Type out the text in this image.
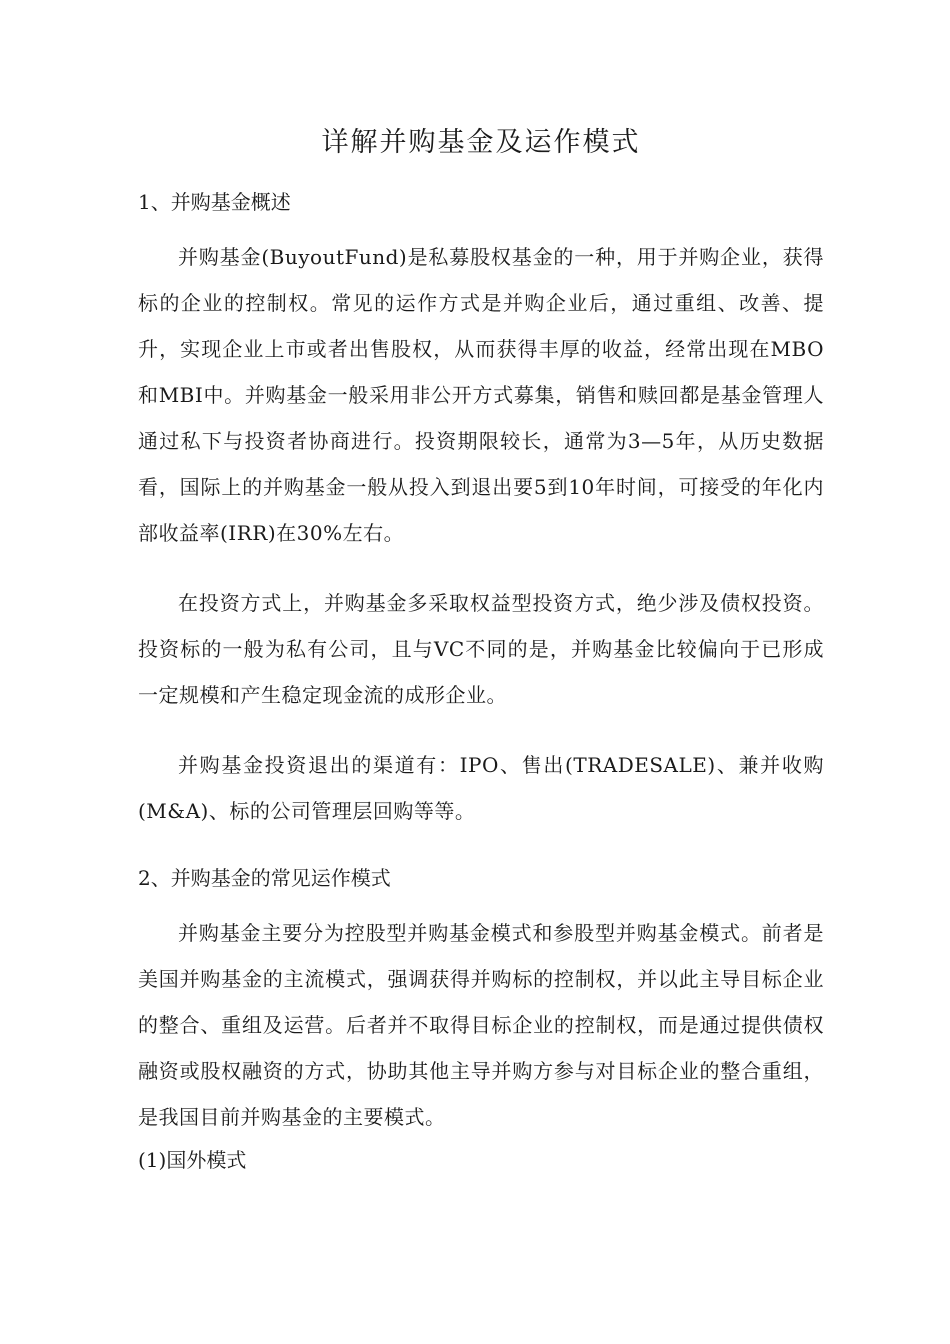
详解并购基金及运作模式
1、并购基金概述

并购基金(BuyoutFund)是私募股权基金的一种，用于并购企业，获得标的企业的控制权。常见的运作方式是并购企业后，通过重组、改善、提升，实现企业上市或者出售股权，从而获得丰厚的收益，经常出现在MBO和MBI中。并购基金一般采用非公开方式募集，销售和赎回都是基金管理人通过私下与投资者协商进行。投资期限较长，通常为3—5年，从历史数据看，国际上的并购基金一般从投入到退出要5到10年时间，可接受的年化内部收益率(IRR)在30%左右。

在投资方式上，并购基金多采取权益型投资方式，绝少涉及债权投资。投资标的一般为私有公司，且与VC不同的是，并购基金比较偏向于已形成一定规模和产生稳定现金流的成形企业。

并购基金投资退出的渠道有：IPO、售出(TRADESALE)、兼并收购(M&A)、标的公司管理层回购等等。

2、并购基金的常见运作模式

并购基金主要分为控股型并购基金模式和参股型并购基金模式。前者是美国并购基金的主流模式，强调获得并购标的控制权，并以此主导目标企业的整合、重组及运营。后者并不取得目标企业的控制权，而是通过提供债权融资或股权融资的方式，协助其他主导并购方参与对目标企业的整合重组，是我国目前并购基金的主要模式。

(1)国外模式
